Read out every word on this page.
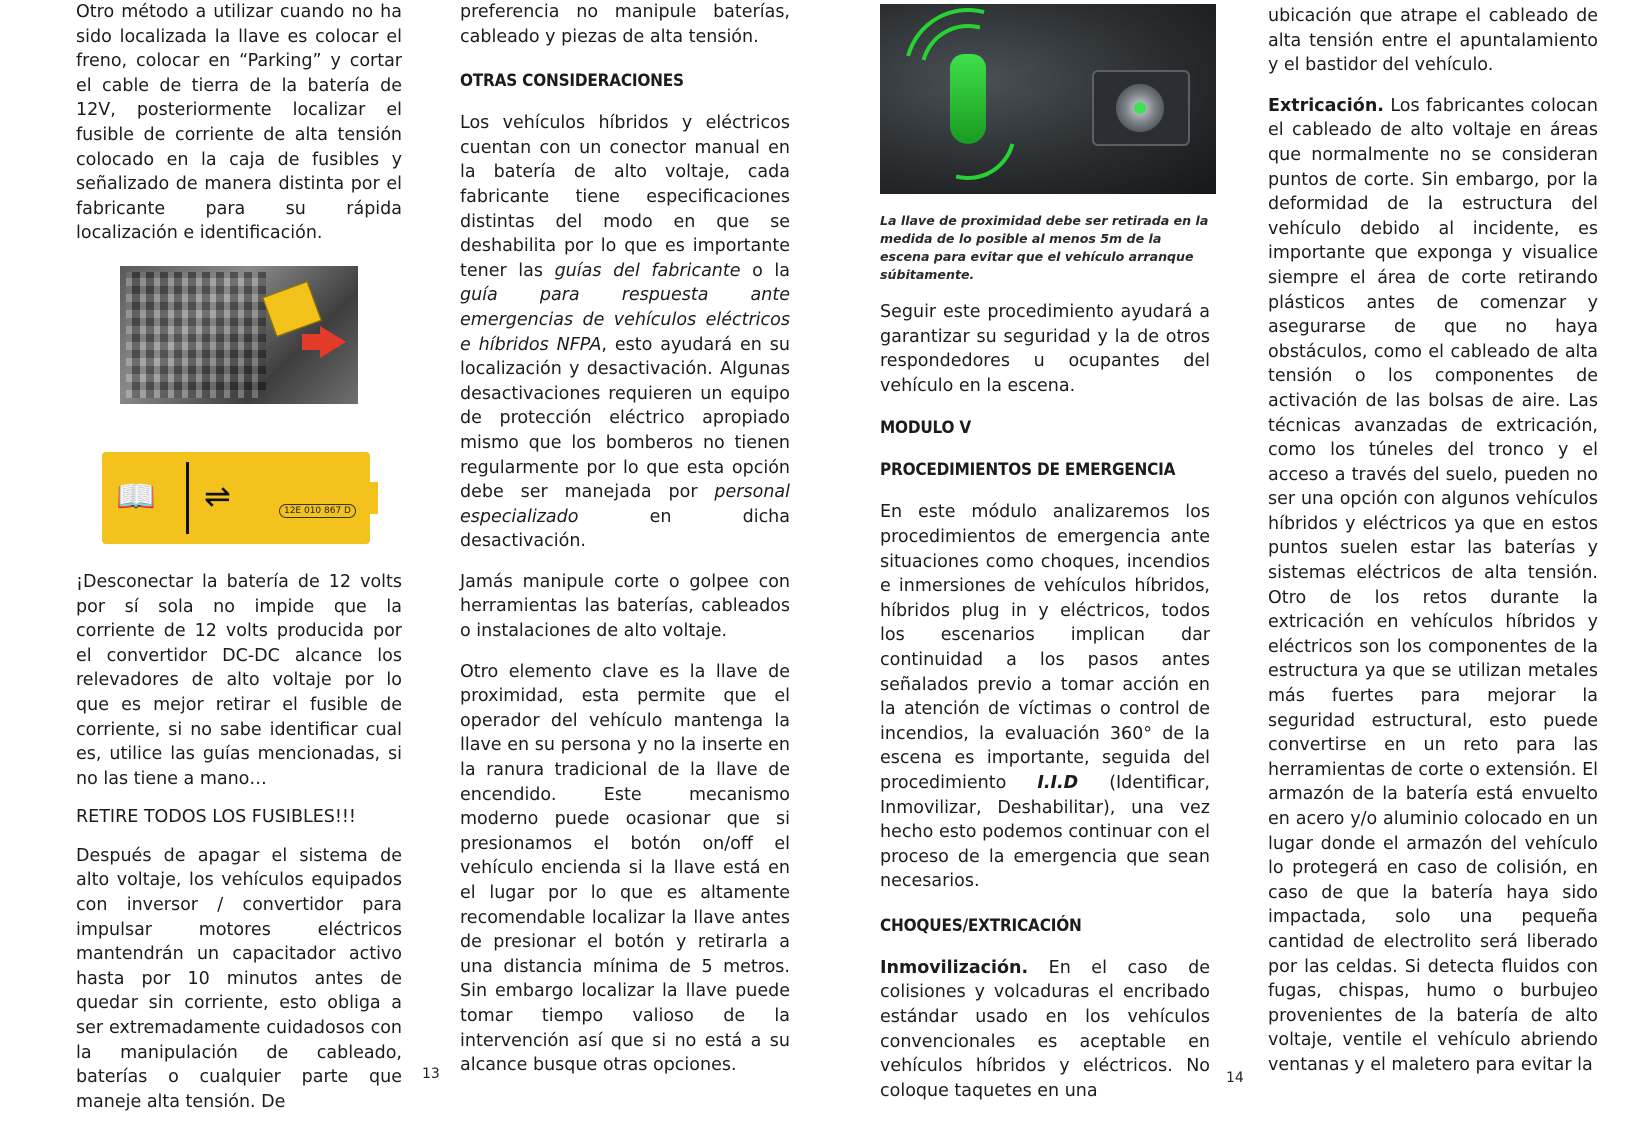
Otro método a utilizar cuando no ha sido localizada la llave es colocar el freno, colocar en “Parking” y cortar el cable de tierra de la batería de 12V, posteriormente localizar el fusible de corriente de alta tensión colocado en la caja de fusibles y señalizado de manera distinta por el fabricante para su rápida localización e identificación.

📖 ⇌	12E 010 867 D

¡Desconectar la batería de 12 volts por sí sola no impide que la corriente de 12 volts producida por el convertidor DC-DC alcance los relevadores de alto voltaje por lo que es mejor retirar el fusible de corriente, si no sabe identificar cual es, utilice las guías mencionadas, si no las tiene a mano…

RETIRE TODOS LOS FUSIBLES!!!

Después de apagar el sistema de alto voltaje, los vehículos equipados con inversor / convertidor para impulsar motores eléctricos mantendrán un capacitador activo hasta por 10 minutos antes de quedar sin corriente, esto obliga a ser extremadamente cuidadosos con la manipulación de cableado, baterías o cualquier parte que maneje alta tensión. De

preferencia no manipule baterías, cableado y piezas de alta tensión.

OTRAS CONSIDERACIONES

Los vehículos híbridos y eléctricos cuentan con un conector manual en la batería de alto voltaje, cada fabricante tiene especificaciones distintas del modo en que se deshabilita por lo que es importante tener las guías del fabricante o la guía para respuesta ante emergencias de vehículos eléctricos e híbridos NFPA, esto ayudará en su localización y desactivación. Algunas desactivaciones requieren un equipo de protección eléctrico apropiado mismo que los bomberos no tienen regularmente por lo que esta opción debe ser manejada por personal especializado en dicha desactivación.

Jamás manipule corte o golpee con herramientas las baterías, cableados o instalaciones de alto voltaje.

Otro elemento clave es la llave de proximidad, esta permite que el operador del vehículo mantenga la llave en su persona y no la inserte en la ranura tradicional de la llave de encendido. Este mecanismo moderno puede ocasionar que si presionamos el botón on/off el vehículo encienda si la llave está en el lugar por lo que es altamente recomendable localizar la llave antes de presionar el botón y retirarla a una distancia mínima de 5 metros. Sin embargo localizar la llave puede tomar tiempo valioso de la intervención así que si no está a su alcance busque otras opciones.

13

La llave de proximidad debe ser retirada en la medida de lo posible al menos 5m de la escena para evitar que el vehículo arranque súbitamente.

Seguir este procedimiento ayudará a garantizar su seguridad y la de otros respondedores u ocupantes del vehículo en la escena.

MODULO V
PROCEDIMIENTOS DE EMERGENCIA

En este módulo analizaremos los procedimientos de emergencia ante situaciones como choques, incendios e inmersiones de vehículos híbridos, híbridos plug in y eléctricos, todos los escenarios implican dar continuidad a los pasos antes señalados previo a tomar acción en la atención de víctimas o control de incendios, la evaluación 360° de la escena es importante, seguida del procedimiento I.I.D (Identificar, Inmovilizar, Deshabilitar), una vez hecho esto podemos continuar con el proceso de la emergencia que sean necesarios.

CHOQUES/EXTRICACIÓN

Inmovilización. En el caso de colisiones y volcaduras el encribado estándar usado en los vehículos convencionales es aceptable en vehículos híbridos y eléctricos. No coloque taquetes en una

ubicación que atrape el cableado de alta tensión entre el apuntalamiento y el bastidor del vehículo.

Extricación. Los fabricantes colocan el cableado de alto voltaje en áreas que normalmente no se consideran puntos de corte. Sin embargo, por la deformidad de la estructura del vehículo debido al incidente, es importante que exponga y visualice siempre el área de corte retirando plásticos antes de comenzar y asegurarse de que no haya obstáculos, como el cableado de alta tensión o los componentes de activación de las bolsas de aire. Las técnicas avanzadas de extricación, como los túneles del tronco y el acceso a través del suelo, pueden no ser una opción con algunos vehículos híbridos y eléctricos ya que en estos puntos suelen estar las baterías y sistemas eléctricos de alta tensión. Otro de los retos durante la extricación en vehículos híbridos y eléctricos son los componentes de la estructura ya que se utilizan metales más fuertes para mejorar la seguridad estructural, esto puede convertirse en un reto para las herramientas de corte o extensión. El armazón de la batería está envuelto en acero y/o aluminio colocado en un lugar donde el armazón del vehículo lo protegerá en caso de colisión, en caso de que la batería haya sido impactada, solo una pequeña cantidad de electrolito será liberado por las celdas. Si detecta fluidos con fugas, chispas, humo o burbujeo provenientes de la batería de alto voltaje, ventile el vehículo abriendo ventanas y el maletero para evitar la

14
